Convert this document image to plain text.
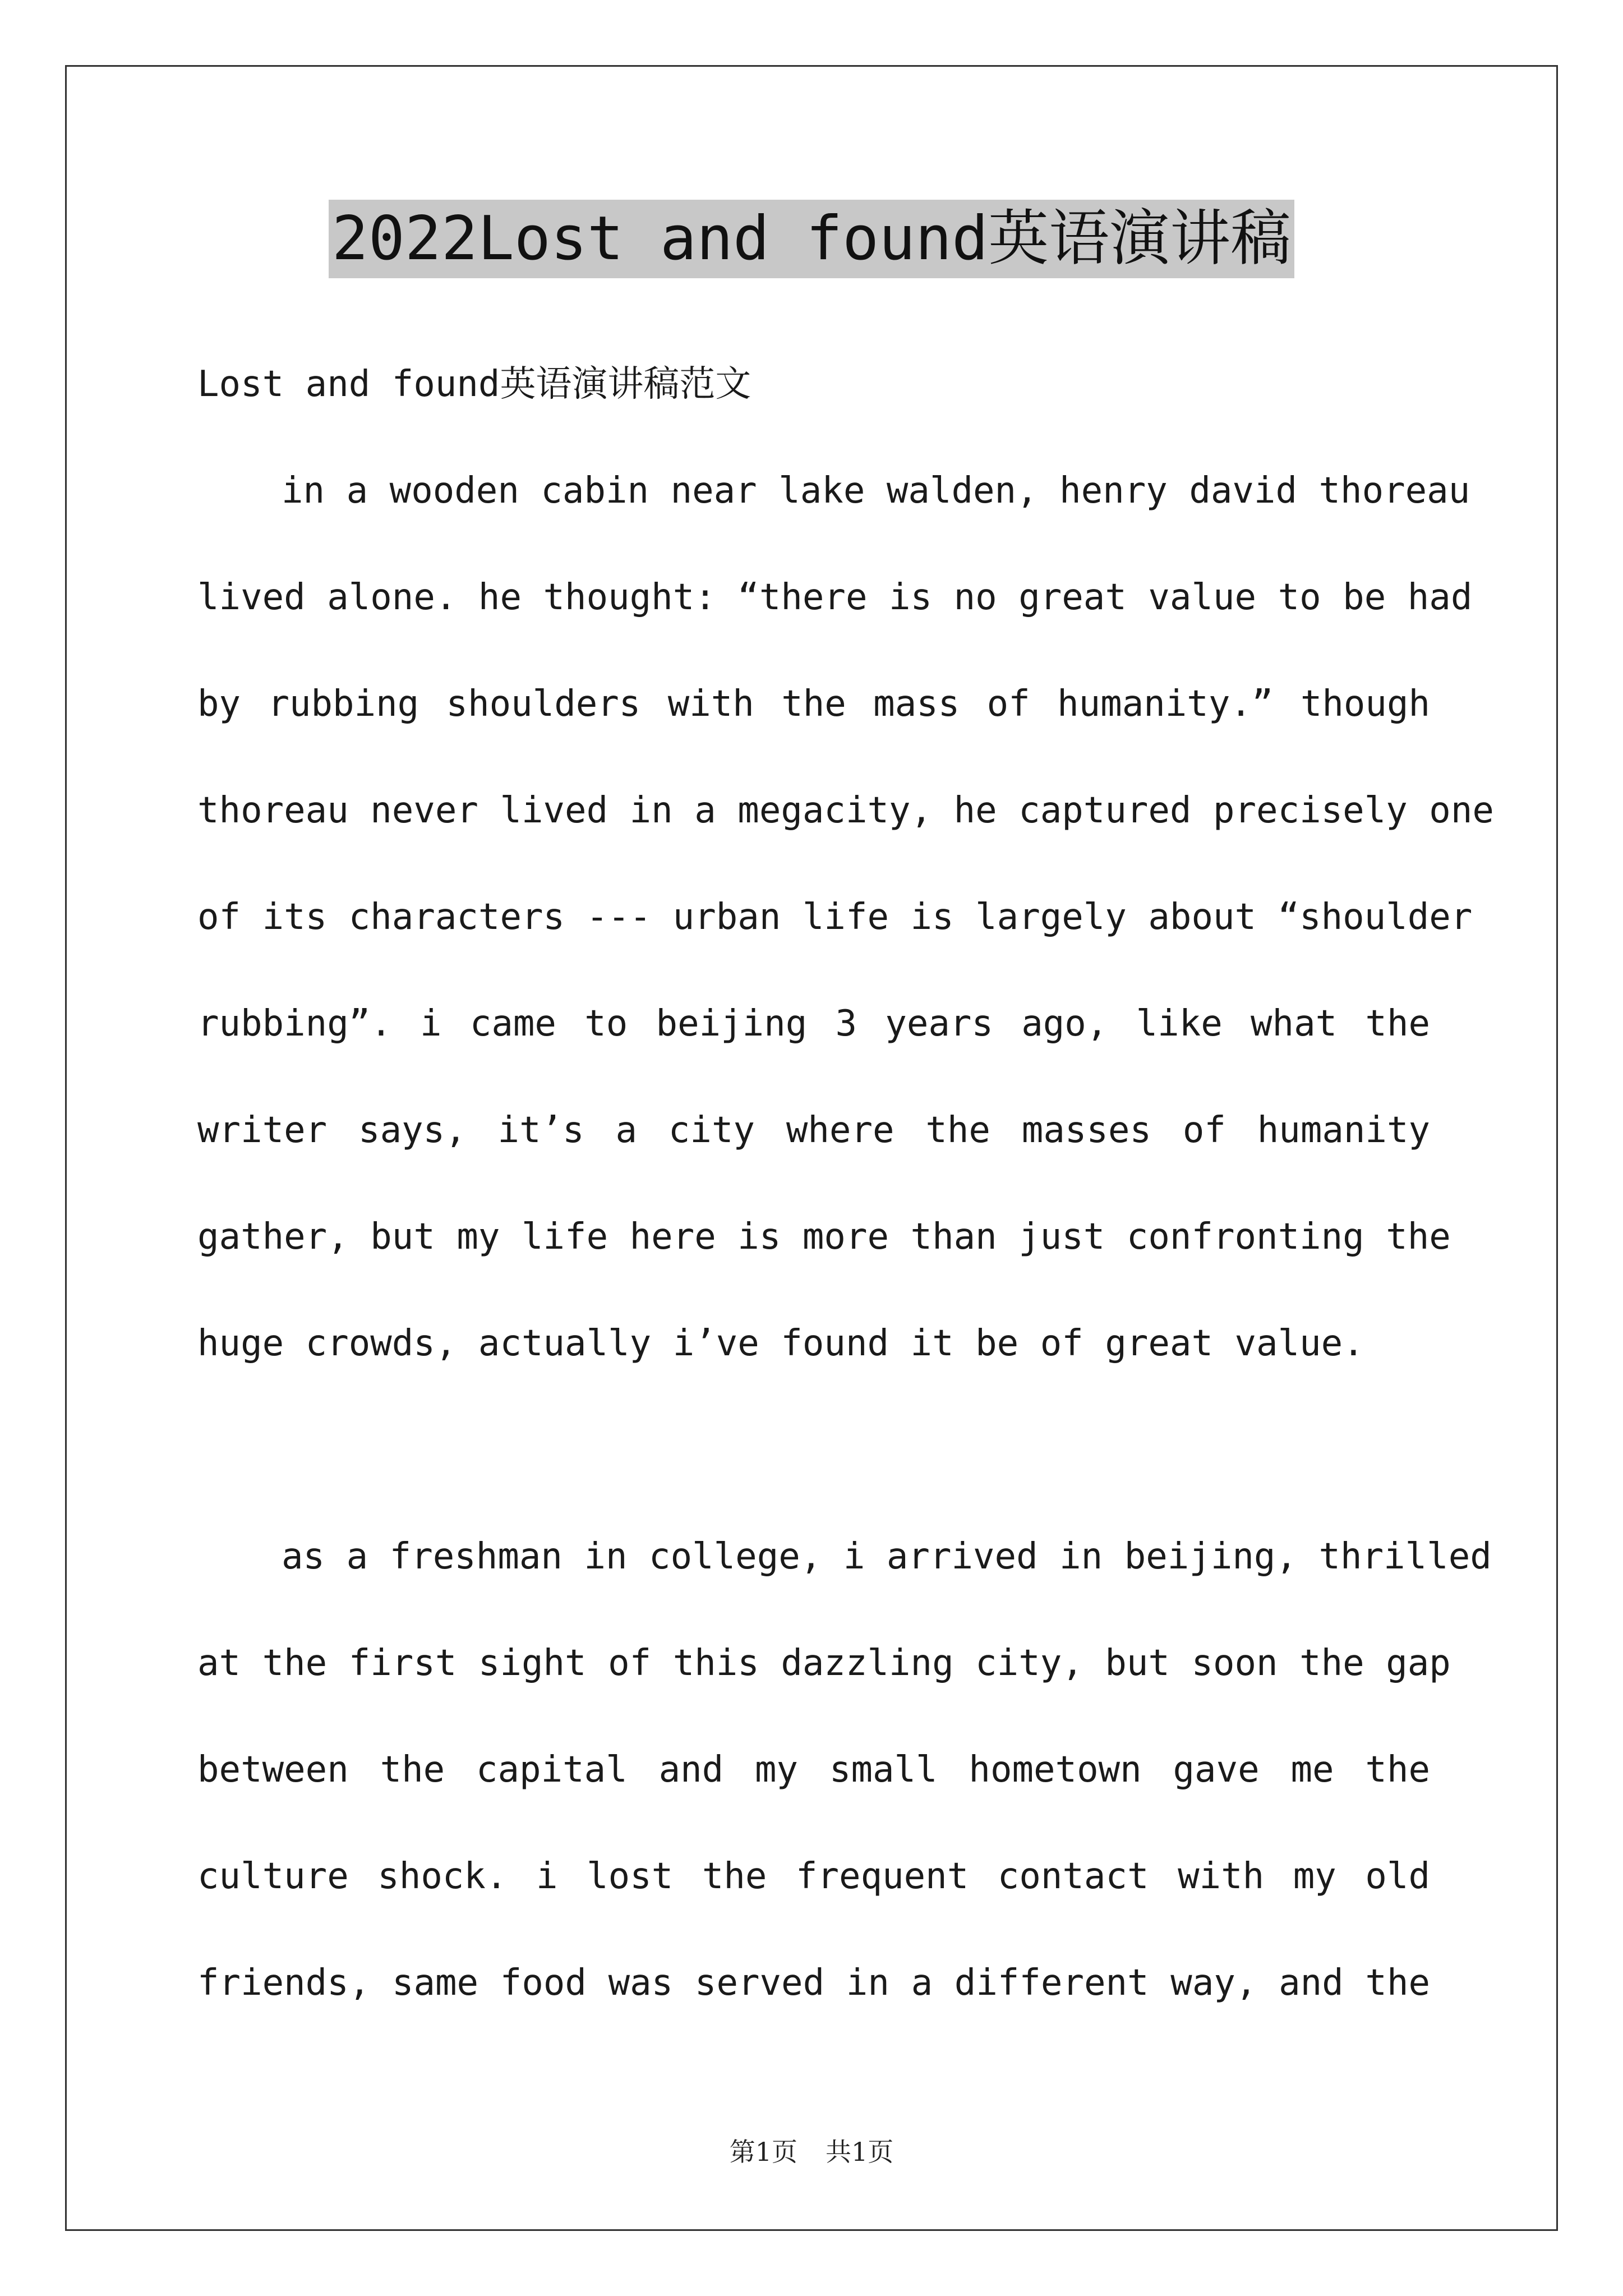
2022Lost and found英语演讲稿
Lost and found英语演讲稿范文
in a wooden cabin near lake walden, henry david thoreau
lived alone. he thought: “there is no great value to be had
by rubbing shoulders with the mass of humanity.” though
thoreau never lived in a megacity, he captured precisely one
of its characters --- urban life is largely about “shoulder
rubbing”. i came to beijing 3 years ago, like what the
writer says, it’s a city where the masses of humanity
gather, but my life here is more than just confronting the
huge crowds, actually i’ve found it be of great value.
as a freshman in college, i arrived in beijing, thrilled
at the first sight of this dazzling city, but soon the gap
between the capital and my small hometown gave me the
culture shock. i lost the frequent contact with my old
friends, same food was served in a different way, and the
第1页 共1页
